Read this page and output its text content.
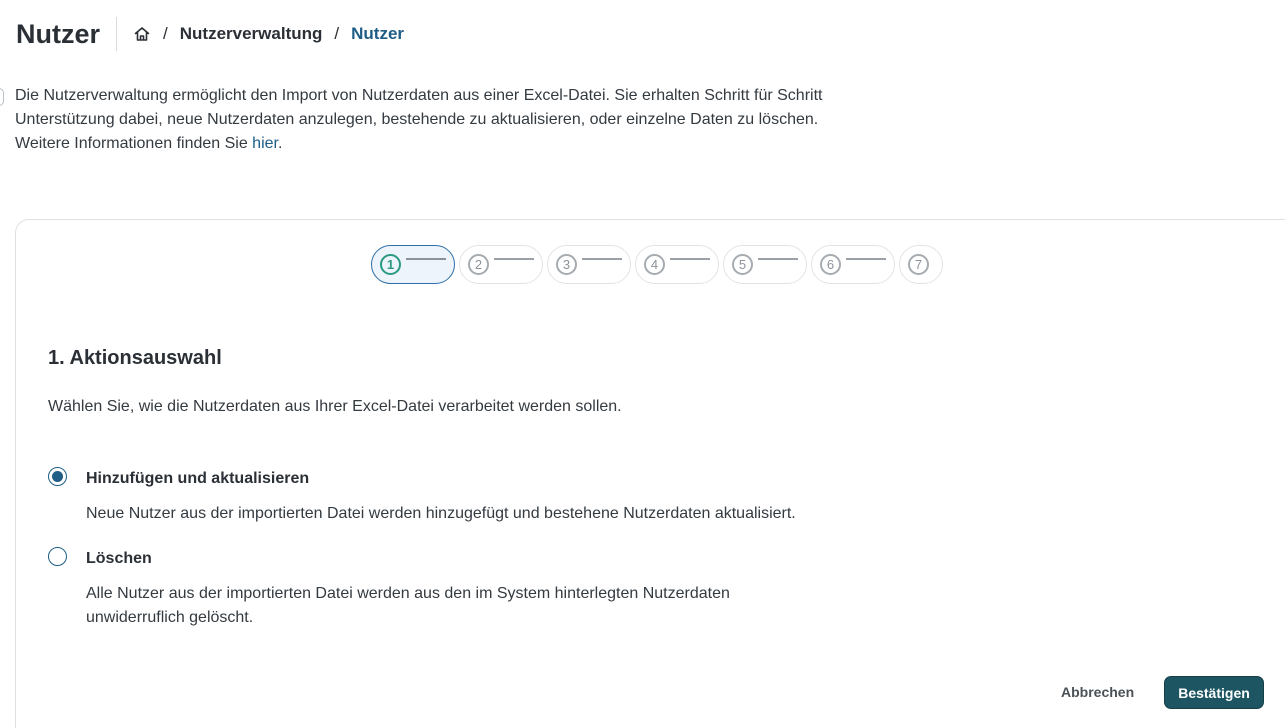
Nutzer	/ Nutzerverwaltung / Nutzer

Die Nutzerverwaltung ermöglicht den Import von Nutzerdaten aus einer Excel-Datei. Sie erhalten Schritt für Schritt Unterstützung dabei, neue Nutzerdaten anzulegen, bestehende zu aktualisieren, oder einzelne Daten zu löschen.

Weitere Informationen finden Sie hier.

1	2	3	4	5	6	7
1. Aktionsauswahl
Wählen Sie, wie die Nutzerdaten aus Ihrer Excel-Datei verarbeitet werden sollen.
Hinzufügen und aktualisieren
Neue Nutzer aus der importierten Datei werden hinzugefügt und bestehene Nutzerdaten aktualisiert.
Löschen
Alle Nutzer aus der importierten Datei werden aus den im System hinterlegten Nutzerdaten unwiderruflich gelöscht.
Abbrechen	Bestätigen
